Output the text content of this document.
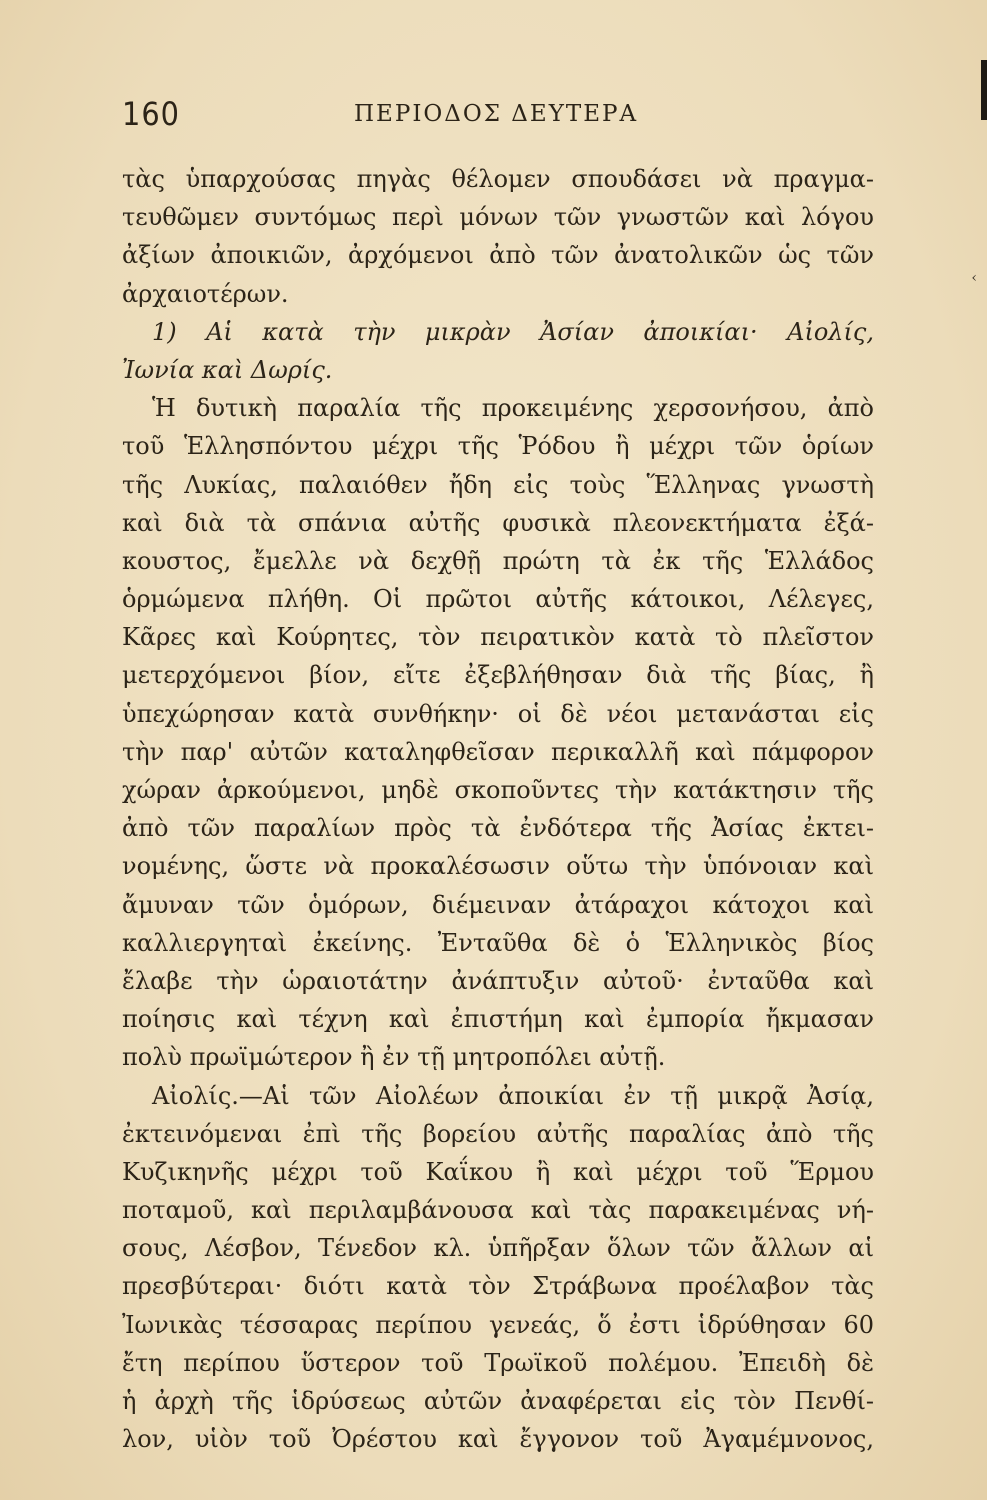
‹
160	ΠΕΡΙΟΔΟΣ ΔΕΥΤΕΡΑ
τὰς ὑπαρχούσας πηγὰς θέλομεν σπουδάσει νὰ πραγμα-
τευθῶμεν συντόμως περὶ μόνων τῶν γνωστῶν καὶ λόγου
ἀξίων ἀποικιῶν, ἀρχόμενοι ἀπὸ τῶν ἀνατολικῶν ὡς τῶν
ἀρχαιοτέρων.
1) Αἱ κατὰ τὴν μικρὰν Ἀσίαν ἀποικίαι· Αἰολίς,
Ἰωνία καὶ Δωρίς.
Ἡ δυτικὴ παραλία τῆς προκειμένης χερσονήσου, ἀπὸ
τοῦ Ἑλλησπόντου μέχρι τῆς Ῥόδου ἢ μέχρι τῶν ὁρίων
τῆς Λυκίας, παλαιόθεν ἤδη εἰς τοὺς Ἕλληνας γνωστὴ
καὶ διὰ τὰ σπάνια αὐτῆς φυσικὰ πλεονεκτήματα ἐξά-
κουστος, ἔμελλε νὰ δεχθῇ πρώτη τὰ ἐκ τῆς Ἑλλάδος
ὁρμώμενα πλήθη. Οἱ πρῶτοι αὐτῆς κάτοικοι, Λέλεγες,
Κᾶρες καὶ Κούρητες, τὸν πειρατικὸν κατὰ τὸ πλεῖστον
μετερχόμενοι βίον, εἴτε ἐξεβλήθησαν διὰ τῆς βίας, ἢ
ὑπεχώρησαν κατὰ συνθήκην· οἱ δὲ νέοι μετανάσται εἰς
τὴν παρ' αὐτῶν καταληφθεῖσαν περικαλλῆ καὶ πάμφορον
χώραν ἀρκούμενοι, μηδὲ σκοποῦντες τὴν κατάκτησιν τῆς
ἀπὸ τῶν παραλίων πρὸς τὰ ἐνδότερα τῆς Ἀσίας ἐκτει-
νομένης, ὥστε νὰ προκαλέσωσιν οὕτω τὴν ὑπόνοιαν καὶ
ἄμυναν τῶν ὁμόρων, διέμειναν ἀτάραχοι κάτοχοι καὶ
καλλιεργηταὶ ἐκείνης. Ἐνταῦθα δὲ ὁ Ἑλληνικὸς βίος
ἔλαβε τὴν ὡραιοτάτην ἀνάπτυξιν αὐτοῦ· ἐνταῦθα καὶ
ποίησις καὶ τέχνη καὶ ἐπιστήμη καὶ ἐμπορία ἤκμασαν
πολὺ πρωϊμώτερον ἢ ἐν τῇ μητροπόλει αὐτῇ.
Αἰολίς.—Αἱ τῶν Αἰολέων ἀποικίαι ἐν τῇ μικρᾷ Ἀσίᾳ,
ἐκτεινόμεναι ἐπὶ τῆς βορείου αὐτῆς παραλίας ἀπὸ τῆς
Κυζικηνῆς μέχρι τοῦ Καΐκου ἢ καὶ μέχρι τοῦ Ἕρμου
ποταμοῦ, καὶ περιλαμβάνουσα καὶ τὰς παρακειμένας νή-
σους, Λέσβον, Τένεδον κλ. ὑπῆρξαν ὅλων τῶν ἄλλων αἱ
πρεσβύτεραι· διότι κατὰ τὸν Στράβωνα προέλαβον τὰς
Ἰωνικὰς τέσσαρας περίπου γενεάς, ὅ ἐστι ἱδρύθησαν 60
ἔτη περίπου ὕστερον τοῦ Τρωϊκοῦ πολέμου. Ἐπειδὴ δὲ
ἡ ἀρχὴ τῆς ἱδρύσεως αὐτῶν ἀναφέρεται εἰς τὸν Πενθί-
λον, υἱὸν τοῦ Ὀρέστου καὶ ἔγγονον τοῦ Ἀγαμέμνονος,
